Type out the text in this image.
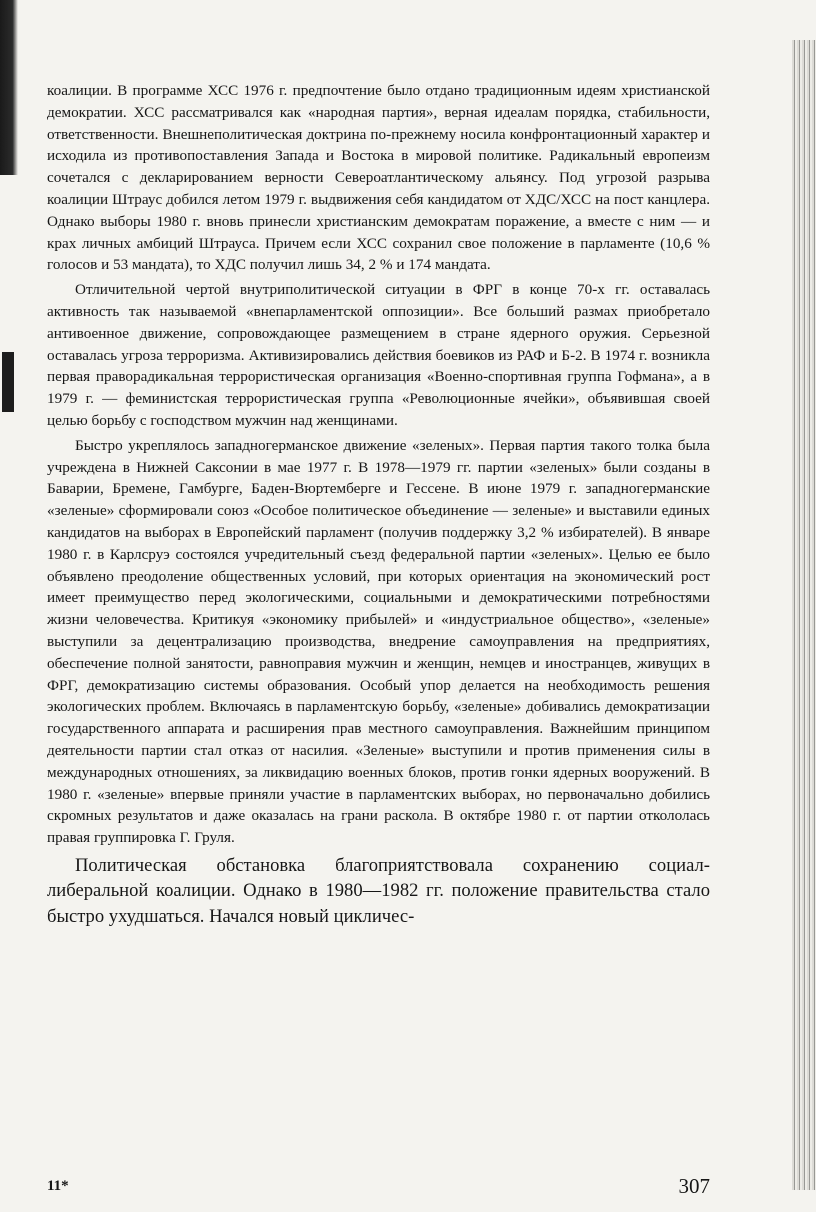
коалиции. В программе ХСС 1976 г. предпочтение было отдано традиционным идеям христианской демократии. ХСС рассматривался как «народная партия», верная идеалам порядка, стабильности, ответственности. Внешнеполитическая доктрина по-прежнему носила конфронтационный характер и исходила из противопоставления Запада и Востока в мировой политике. Радикальный европеизм сочетался с декларированием верности Североатлантическому альянсу. Под угрозой разрыва коалиции Штраус добился летом 1979 г. выдвижения себя кандидатом от ХДС/ХСС на пост канцлера. Однако выборы 1980 г. вновь принесли христианским демократам поражение, а вместе с ним — и крах личных амбиций Штрауса. Причем если ХСС сохранил свое положение в парламенте (10,6 % голосов и 53 мандата), то ХДС получил лишь 34, 2 % и 174 мандата.

Отличительной чертой внутриполитической ситуации в ФРГ в конце 70-х гг. оставалась активность так называемой «внепарламентской оппозиции». Все больший размах приобретало антивоенное движение, сопровождающее размещением в стране ядерного оружия. Серьезной оставалась угроза терроризма. Активизировались действия боевиков из РАФ и Б-2. В 1974 г. возникла первая праворадикальная террористическая организация «Военно-спортивная группа Гофмана», а в 1979 г. — феминистская террористическая группа «Революционные ячейки», объявившая своей целью борьбу с господством мужчин над женщинами.

Быстро укреплялось западногерманское движение «зеленых». Первая партия такого толка была учреждена в Нижней Саксонии в мае 1977 г. В 1978—1979 гг. партии «зеленых» были созданы в Баварии, Бремене, Гамбурге, Баден-Вюртемберге и Гессене. В июне 1979 г. западногерманские «зеленые» сформировали союз «Особое политическое объединение — зеленые» и выставили единых кандидатов на выборах в Европейский парламент (получив поддержку 3,2 % избирателей). В январе 1980 г. в Карлсруэ состоялся учредительный съезд федеральной партии «зеленых». Целью ее было объявлено преодоление общественных условий, при которых ориентация на экономический рост имеет преимущество перед экологическими, социальными и демократическими потребностями жизни человечества. Критикуя «экономику прибылей» и «индустриальное общество», «зеленые» выступили за децентрализацию производства, внедрение самоуправления на предприятиях, обеспечение полной занятости, равноправия мужчин и женщин, немцев и иностранцев, живущих в ФРГ, демократизацию системы образования. Особый упор делается на необходимость решения экологических проблем. Включаясь в парламентскую борьбу, «зеленые» добивались демократизации государственного аппарата и расширения прав местного самоуправления. Важнейшим принципом деятельности партии стал отказ от насилия. «Зеленые» выступили и против применения силы в международных отношениях, за ликвидацию военных блоков, против гонки ядерных вооружений. В 1980 г. «зеленые» впервые приняли участие в парламентских выборах, но первоначально добились скромных результатов и даже оказалась на грани раскола. В октябре 1980 г. от партии откололась правая группировка Г. Груля.

Политическая обстановка благоприятствовала сохранению социал-либеральной коалиции. Однако в 1980—1982 гг. положение правительства стало быстро ухудшаться. Начался новый цикличес-

11*	307
